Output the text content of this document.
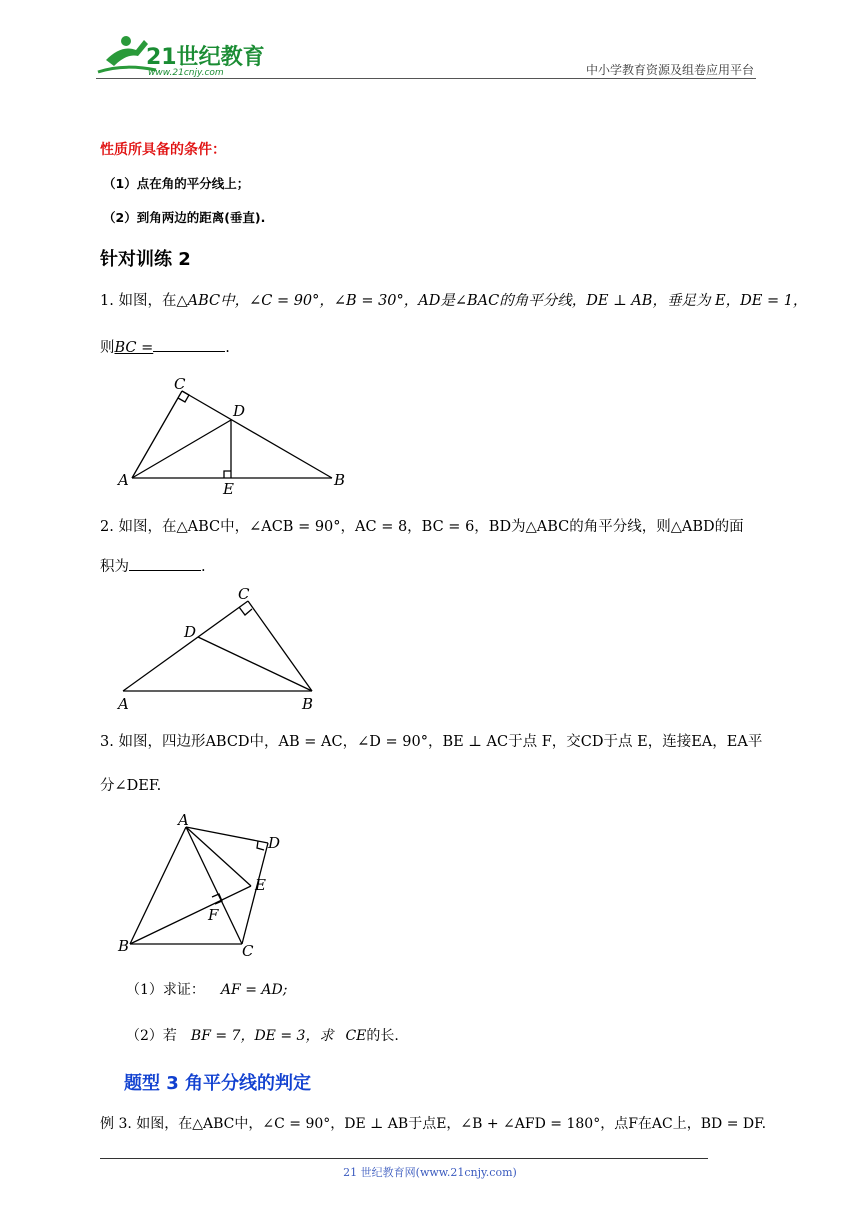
21世纪教育
www.21cnjy.com	中小学教育资源及组卷应用平台
性质所具备的条件：
（1）点在角的平分线上；
（2）到角两边的距离(垂直).
针对训练 2
1. 如图，在△ABC中，∠C = 90°，∠B = 30°，AD是∠BAC的角平分线，DE ⊥ AB，垂足为 E，DE = 1，
则BC =	.
C
D
A	E	B
2. 如图，在△ABC中，∠ACB = 90°，AC = 8，BC = 6，BD为△ABC的角平分线，则△ABD的面
积为	.
C
D
A	B
3. 如图，四边形ABCD中，AB = AC，∠D = 90°，BE ⊥ AC于点 F，交CD于点 E，连接EA，EA平
分∠DEF.
A
D
E
F
B	C
（1）求证： AF = AD;
（2）若 BF = 7，DE = 3，求 CE的长.
题型 3 角平分线的判定
例 3. 如图，在△ABC中，∠C = 90°，DE ⊥ AB于点E，∠B + ∠AFD = 180°，点F在AC上，BD = DF.
21 世纪教育网(www.21cnjy.com)
